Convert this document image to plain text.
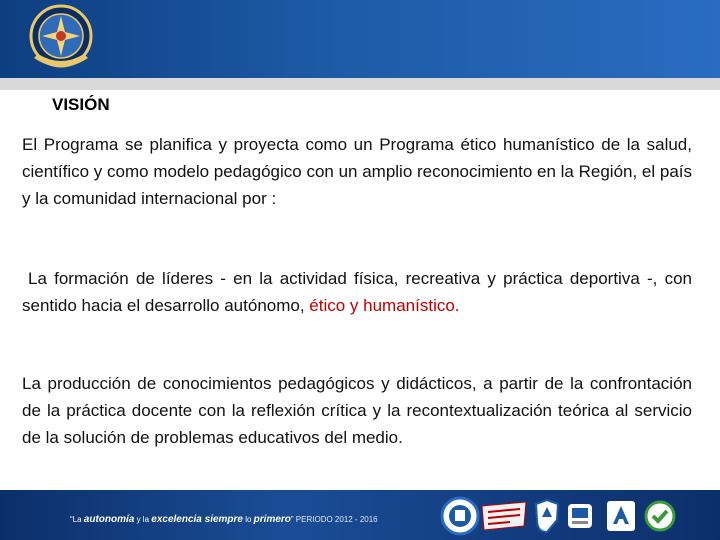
VISIÓN
El Programa se planifica y proyecta como un Programa ético humanístico de la salud, científico y como modelo pedagógico con un amplio reconocimiento en la Región, el país y la comunidad internacional por :
La formación de líderes - en la actividad física, recreativa y práctica deportiva -, con sentido hacia el desarrollo autónomo, ético y humanístico.
La producción de conocimientos pedagógicos y didácticos, a partir de la confrontación de la práctica docente con la reflexión crítica y la recontextualización teórica al servicio de la solución de problemas educativos del medio.
“La autonomía y la excelencia siempre lo primero” PERIODO 2012 - 2016
